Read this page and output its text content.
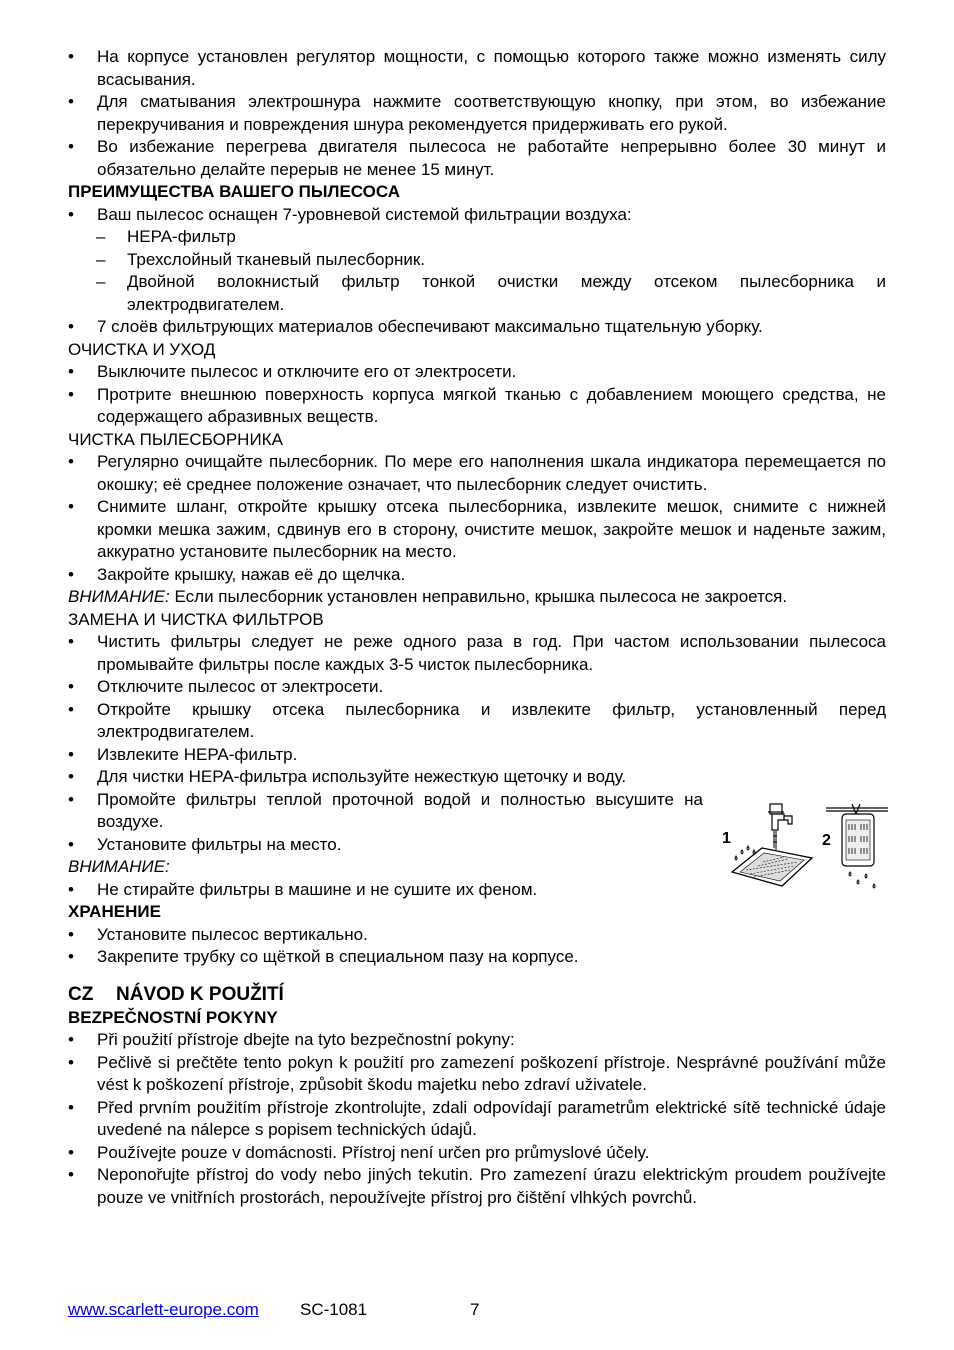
• На корпусе установлен регулятор мощности, с помощью которого также можно изменять силу всасывания.
• Для сматывания электрошнура нажмите соответствующую кнопку, при этом, во избежание перекручивания и повреждения шнура рекомендуется придерживать его рукой.
• Во избежание перегрева двигателя пылесоса не работайте непрерывно более 30 минут и обязательно делайте перерыв не менее 15 минут.
ПРЕИМУЩЕСТВА ВАШЕГО ПЫЛЕСОСА
• Ваш пылесос оснащен 7-уровневой системой фильтрации воздуха:
– HEPA-фильтр
– Трехслойный тканевый пылесборник.
– Двойной волокнистый фильтр тонкой очистки между отсеком пылесборника и электродвигателем.
• 7 слоёв фильтрующих материалов обеспечивают максимально тщательную уборку.
ОЧИСТКА И УХОД
• Выключите пылесос и отключите его от электросети.
• Протрите внешнюю поверхность корпуса мягкой тканью с добавлением моющего средства, не содержащего абразивных веществ.
ЧИСТКА ПЫЛЕСБОРНИКА
• Регулярно очищайте пылесборник. По мере его наполнения шкала индикатора перемещается по окошку; её среднее положение означает, что пылесборник следует очистить.
• Снимите шланг, откройте крышку отсека пылесборника, извлеките мешок, снимите с нижней кромки мешка зажим, сдвинув его в сторону, очистите мешок, закройте мешок и наденьте зажим, аккуратно установите пылесборник на место.
• Закройте крышку, нажав её до щелчка.
ВНИМАНИЕ: Если пылесборник установлен неправильно, крышка пылесоса не закроется.
ЗАМЕНА И ЧИСТКА ФИЛЬТРОВ
• Чистить фильтры следует не реже одного раза в год. При частом использовании пылесоса промывайте фильтры после каждых 3-5 чисток пылесборника.
• Отключите пылесос от электросети.
• Откройте крышку отсека пылесборника и извлеките фильтр, установленный перед электродвигателем.
• Извлеките HEPA-фильтр.
• Для чистки HEPA-фильтра используйте нежесткую щеточку и воду.
• Промойте фильтры теплой проточной водой и полностью высушите на воздухе.
• Установите фильтры на место.
ВНИМАНИЕ:
• Не стирайте фильтры в машине и не сушите их феном.
ХРАНЕНИЕ
• Установите пылесос вертикально.
• Закрепите трубку со щёткой в специальном пазу на корпусе.
CZ NÁVOD K POUŽITÍ
BEZPEČNOSTNÍ POKYNY
• Při použití přístroje dbejte na tyto bezpečnostní pokyny:
• Pečlivě si prečtěte tento pokyn k použití pro zamezení poškození přístroje. Nesprávné používání může vést k poškození přístroje, způsobit škodu majetku nebo zdraví uživatele.
• Před prvním použitím přístroje zkontrolujte, zdali odpovídají parametrům elektrické sítě technické údaje uvedené na nálepce s popisem technických údajů.
• Používejte pouze v domácnosti. Přístroj není určen pro průmyslové účely.
• Neponořujte přístroj do vody nebo jiných tekutin. Pro zamezení úrazu elektrickým proudem používejte pouze ve vnitřních prostorách, nepoužívejte přístroj pro čištění vlhkých povrchů.
1	2
www.scarlett-europe.com SC-1081	7
